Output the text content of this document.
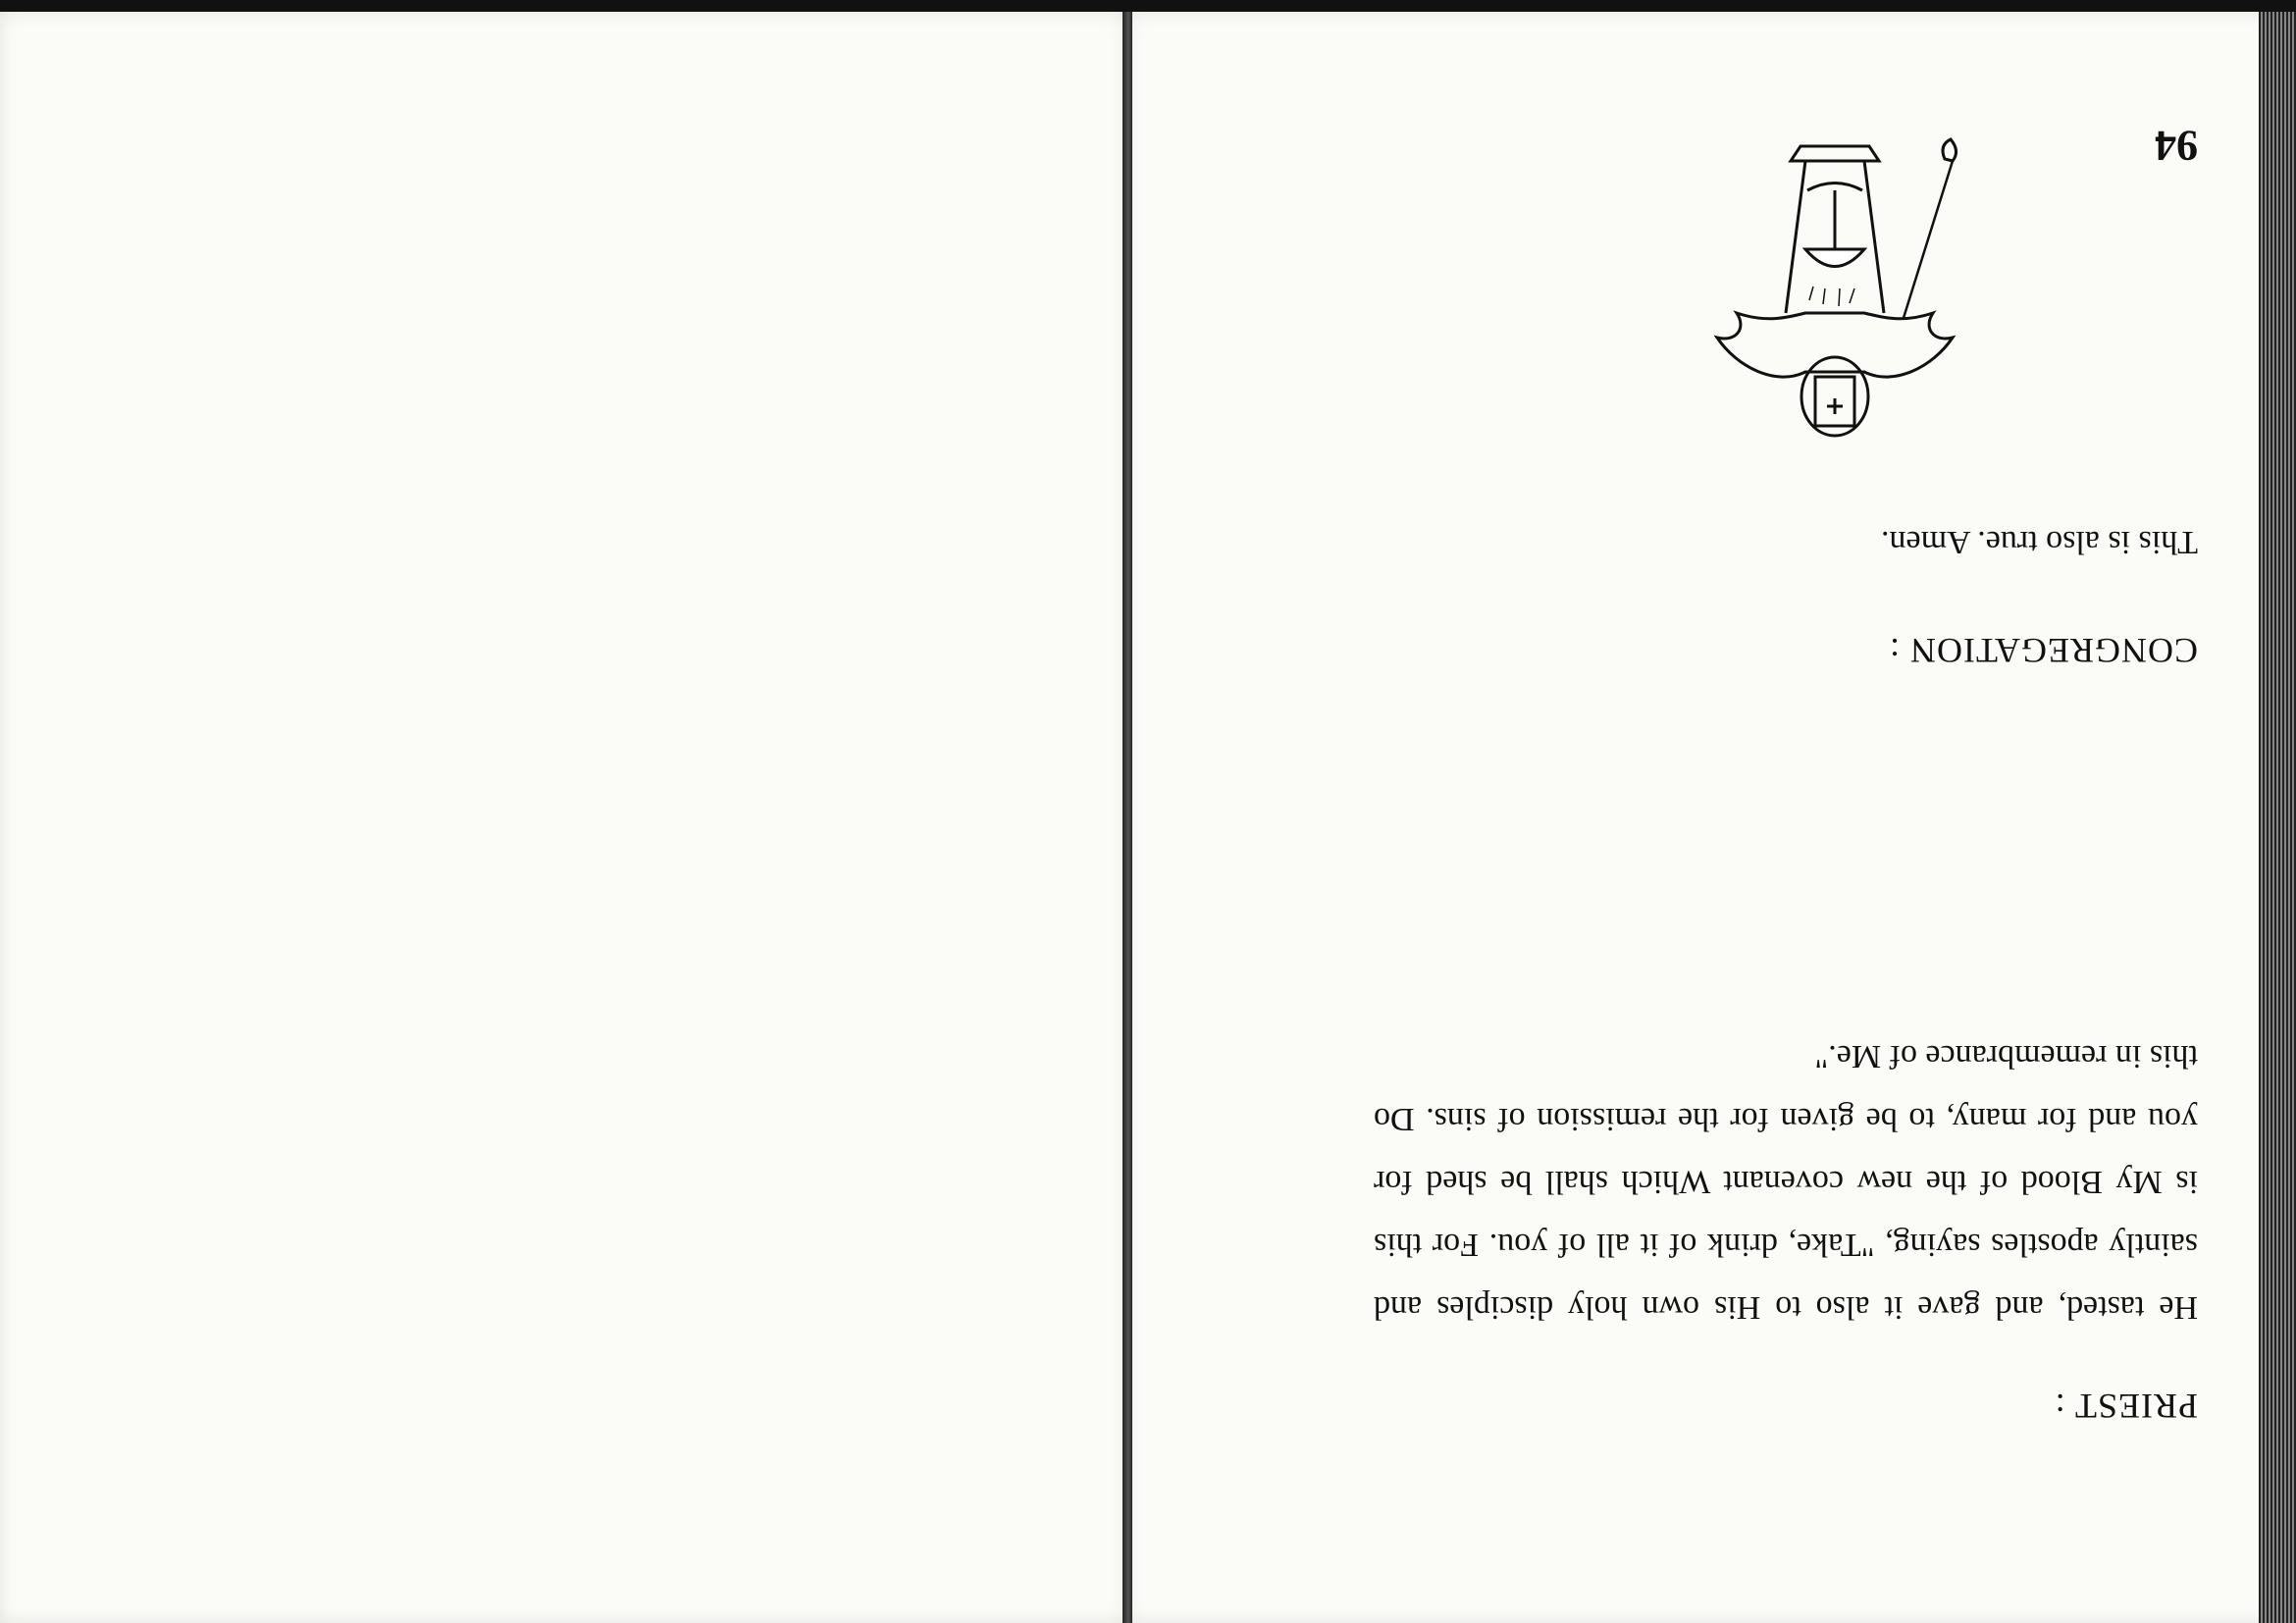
PRIEST :
He tasted, and gave it also to His own holy disciples and saintly apostles saying, "Take, drink of it all of you. For this is My Blood of the new covenant Which shall be shed for you and for many, to be given for the remission of sins. Do this in remembrance of Me."
CONGREGATION :
This is also true. Amen.
94
